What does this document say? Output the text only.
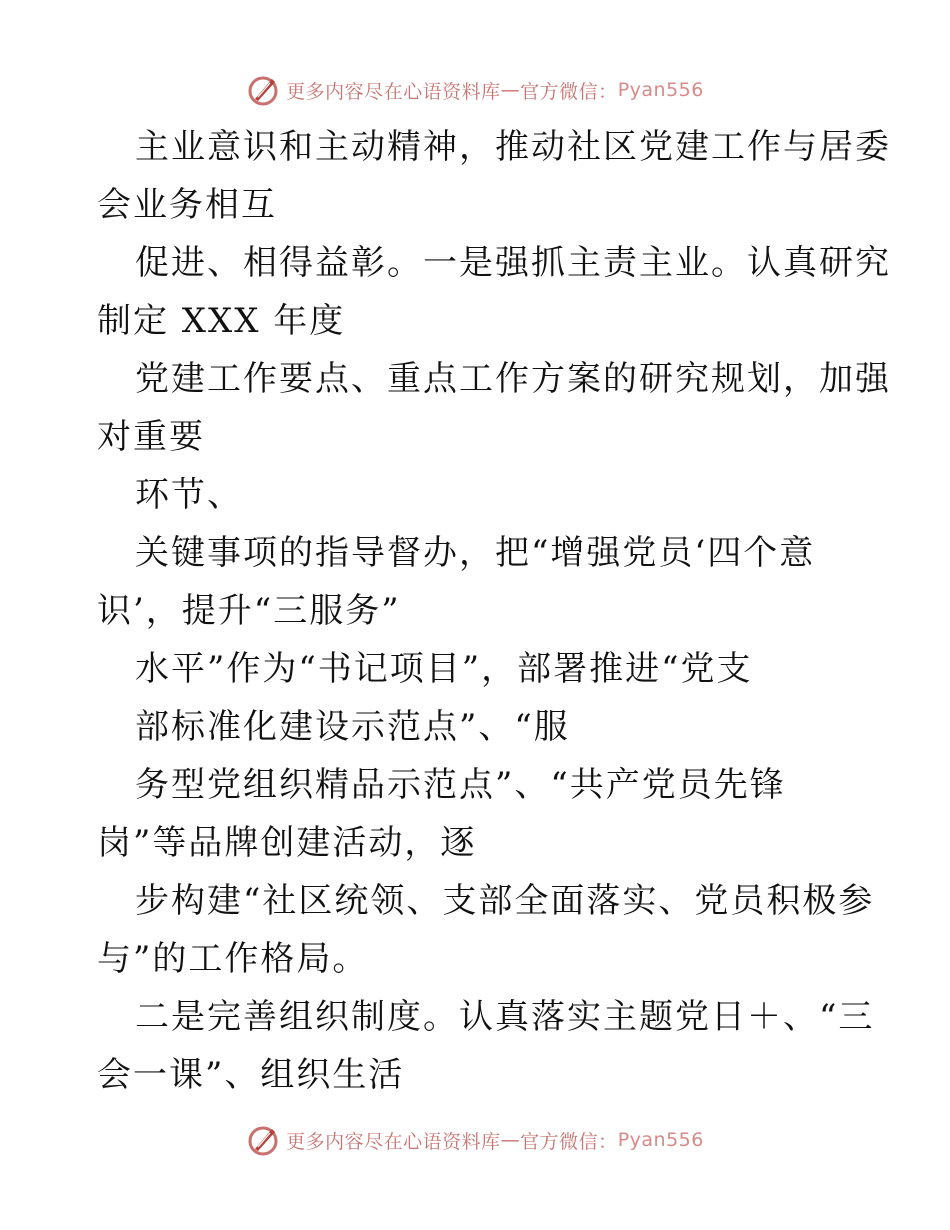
更多内容尽在心语资料库 — 官方微信： Pyan556
主业意识和主动精神，推动社区党建工作与居委
会业务相互
促进、相得益彰。一是强抓主责主业。认真研究
制定 XXX 年度
党建工作要点、重点工作方案的研究规划，加强
对重要
环节、
关键事项的指导督办，把“增强党员‘四个意
识’，提升“三服务”
水平”作为“书记项目”，部署推进“党支
部标准化建设示范点”、“服
务型党组织精品示范点”、“共产党员先锋
岗”等品牌创建活动，逐
步构建“社区统领、支部全面落实、党员积极参
与”的工作格局。
二是完善组织制度。认真落实主题党日＋、“三
会一课”、组织生活
更多内容尽在心语资料库 — 官方微信： Pyan556
